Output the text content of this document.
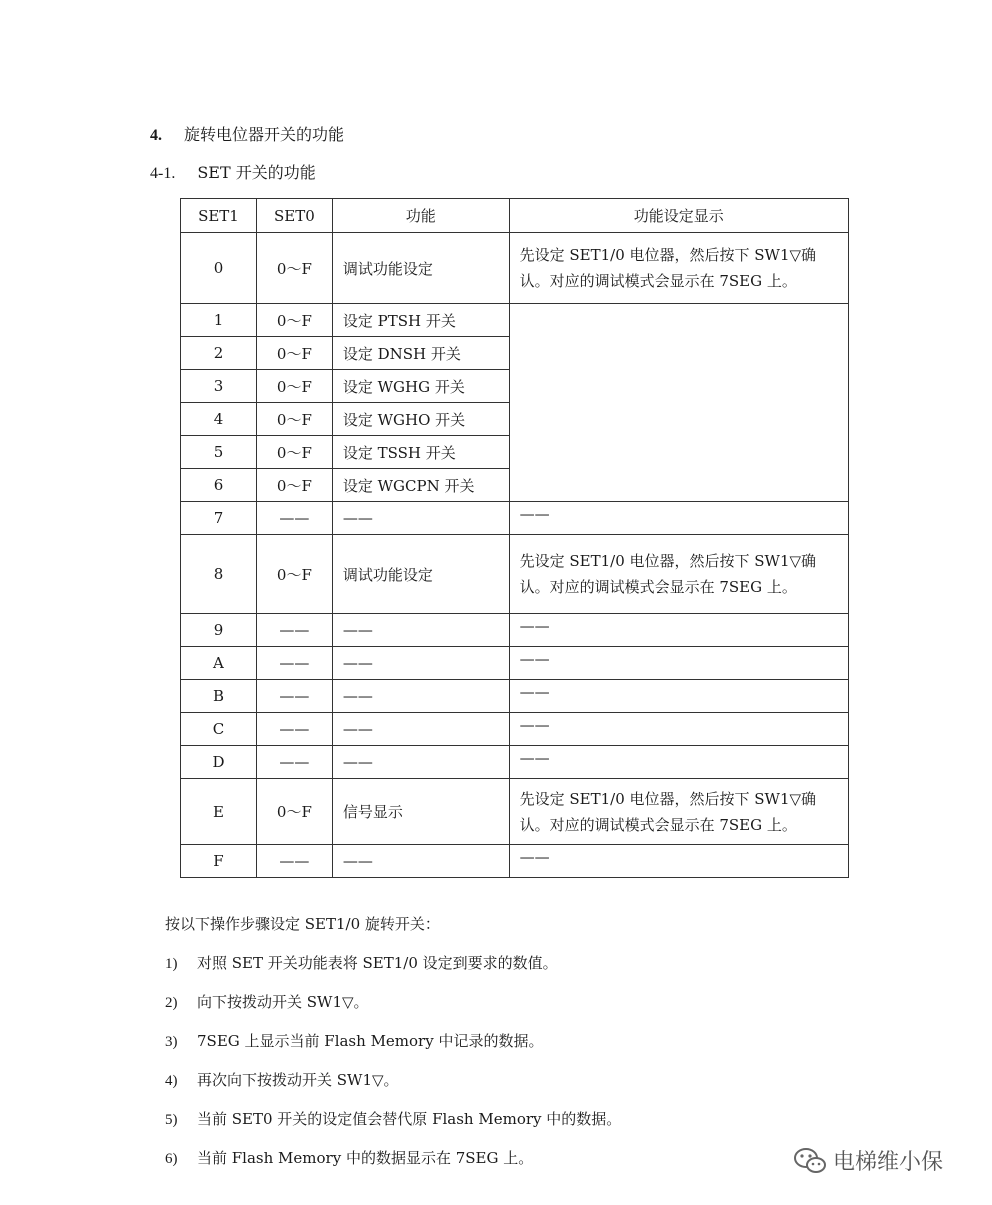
4. 旋转电位器开关的功能
4-1. SET 开关的功能
SET1	SET0	功能	功能设定显示
0	0～F	调试功能设定	先设定 SET1/0 电位器，然后按下 SW1▽确认。对应的调试模式会显示在 7SEG 上。
1	0～F	设定 PTSH 开关	
2	0～F	设定 DNSH 开关	
3	0～F	设定 WGHG 开关	
4	0～F	设定 WGHO 开关	
5	0～F	设定 TSSH 开关	
6	0～F	设定 WGCPN 开关	
7	——	——	——
8	0～F	调试功能设定	先设定 SET1/0 电位器，然后按下 SW1▽确认。对应的调试模式会显示在 7SEG 上。
9	——	——	——
A	——	——	——
B	——	——	——
C	——	——	——
D	——	——	——
E	0～F	信号显示	先设定 SET1/0 电位器，然后按下 SW1▽确认。对应的调试模式会显示在 7SEG 上。
F	——	——	——
按以下操作步骤设定 SET1/0 旋转开关：
1) 对照 SET 开关功能表将 SET1/0 设定到要求的数值。
2) 向下按拨动开关 SW1▽。
3) 7SEG 上显示当前 Flash Memory 中记录的数据。
4) 再次向下按拨动开关 SW1▽。
5) 当前 SET0 开关的设定值会替代原 Flash Memory 中的数据。
6) 当前 Flash Memory 中的数据显示在 7SEG 上。	电梯维小保
